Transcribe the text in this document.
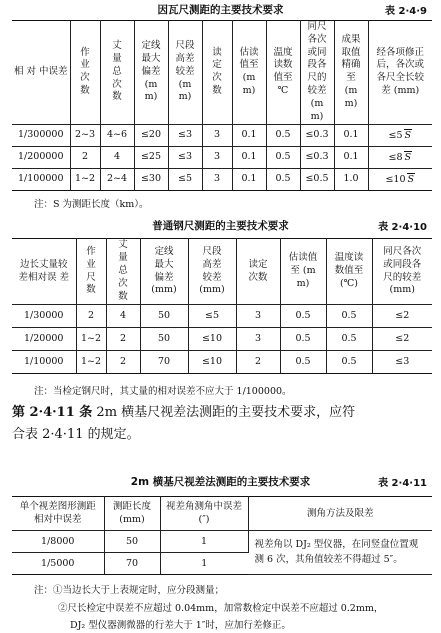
因瓦尺测距的主要技术要求	表 2·4·9
相 对 中误差	作业次数	丈量总次数	定线最大偏差 (mm)	尺段高差较差 (mm)	读定次数	估读值至 (mm)	温度读数值至 ℃	同尺各次或同段各尺的较差 (mm)	成果取值精确至 (mm)	经各项修正后，各次或各尺全长较差 (mm)
1/300000	2~3	4~6	≤20	≤3	3	0.1	0.5	≤0.3	0.1	≤5 S
1/200000	2	4	≤25	≤3	3	0.1	0.5	≤0.3	0.1	≤8 S
1/100000	1~2	2~4	≤30	≤5	3	0.1	0.5	≤0.5	1.0	≤10 S
注：S 为测距长度（km）。
普通钢尺测距的主要技术要求	表 2·4·10
边长丈量较差相对误 差	作业尺数	丈量总次数	定线最大偏差 (mm)	尺段高差较差 (mm)	读定次数	估读值至 (mm)	温度读数值至 (℃)	同尺各次或同段各尺的较差 (mm)
1/30000	2	4	50	≤5	3	0.5	0.5	≤2
1/20000	1~2	2	50	≤10	3	0.5	0.5	≤2
1/10000	1~2	2	70	≤10	2	0.5	0.5	≤3
注：当检定钢尺时，其丈量的相对误差不应大于 1/100000。
第 2·4·11 条 2m 横基尺视差法测距的主要技术要求，应符
合表 2·4·11 的规定。
2m 横基尺视差法测距的主要技术要求	表 2·4·11
单个视差图形测距相对中误差	测距长度 (mm)	视差角测角中误差 (″)	测角方法及限差
1/8000	50	1	视差角以 DJ₂ 型仪器，在同竖盘位置观测 6 次，其角值较差不得超过 5″。
1/5000	70	1	
注：①当边长大于上表规定时，应分段测量；
②尺长检定中误差不应超过 0.04mm，加常数检定中误差不应超过 0.2mm，
DJ₂ 型仪器测微器的行差大于 1″时，应加行差修正。
